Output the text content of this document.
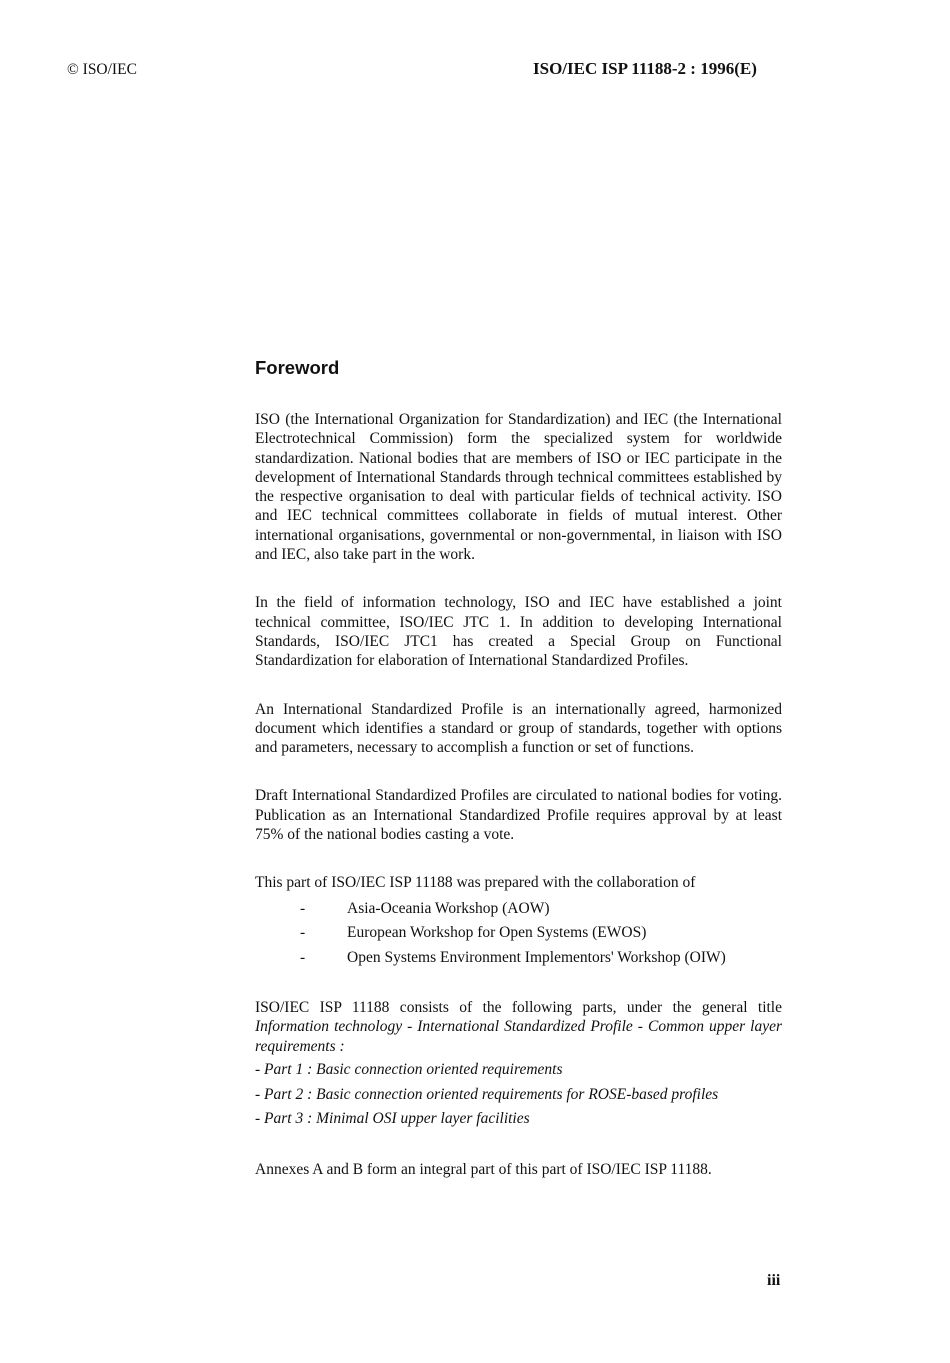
© ISO/IEC	ISO/IEC ISP 11188-2 : 1996(E)
Foreword

ISO (the International Organization for Standardization) and IEC (the International Electrotechnical Commission) form the specialized system for worldwide standardization. National bodies that are members of ISO or IEC participate in the development of International Standards through technical committees established by the respective organisation to deal with particular fields of technical activity. ISO and IEC technical committees collaborate in fields of mutual interest. Other international organisations, governmental or non-governmental, in liaison with ISO and IEC, also take part in the work.

In the field of information technology, ISO and IEC have established a joint technical committee, ISO/IEC JTC 1. In addition to developing International Standards, ISO/IEC JTC1 has created a Special Group on Functional Standardization for elaboration of International Standardized Profiles.

An International Standardized Profile is an internationally agreed, harmonized document which identifies a standard or group of standards, together with options and parameters, necessary to accomplish a function or set of functions.

Draft International Standardized Profiles are circulated to national bodies for voting. Publication as an International Standardized Profile requires approval by at least 75% of the national bodies casting a vote.

This part of ISO/IEC ISP 11188 was prepared with the collaboration of

-	Asia-Oceania Workshop (AOW)
-	European Workshop for Open Systems (EWOS)
-	Open Systems Environment Implementors' Workshop (OIW)

ISO/IEC ISP 11188 consists of the following parts, under the general title Information technology - International Standardized Profile - Common upper layer requirements :

- Part 1 : Basic connection oriented requirements
- Part 2 : Basic connection oriented requirements for ROSE-based profiles
- Part 3 : Minimal OSI upper layer facilities

Annexes A and B form an integral part of this part of ISO/IEC ISP 11188.

iii
